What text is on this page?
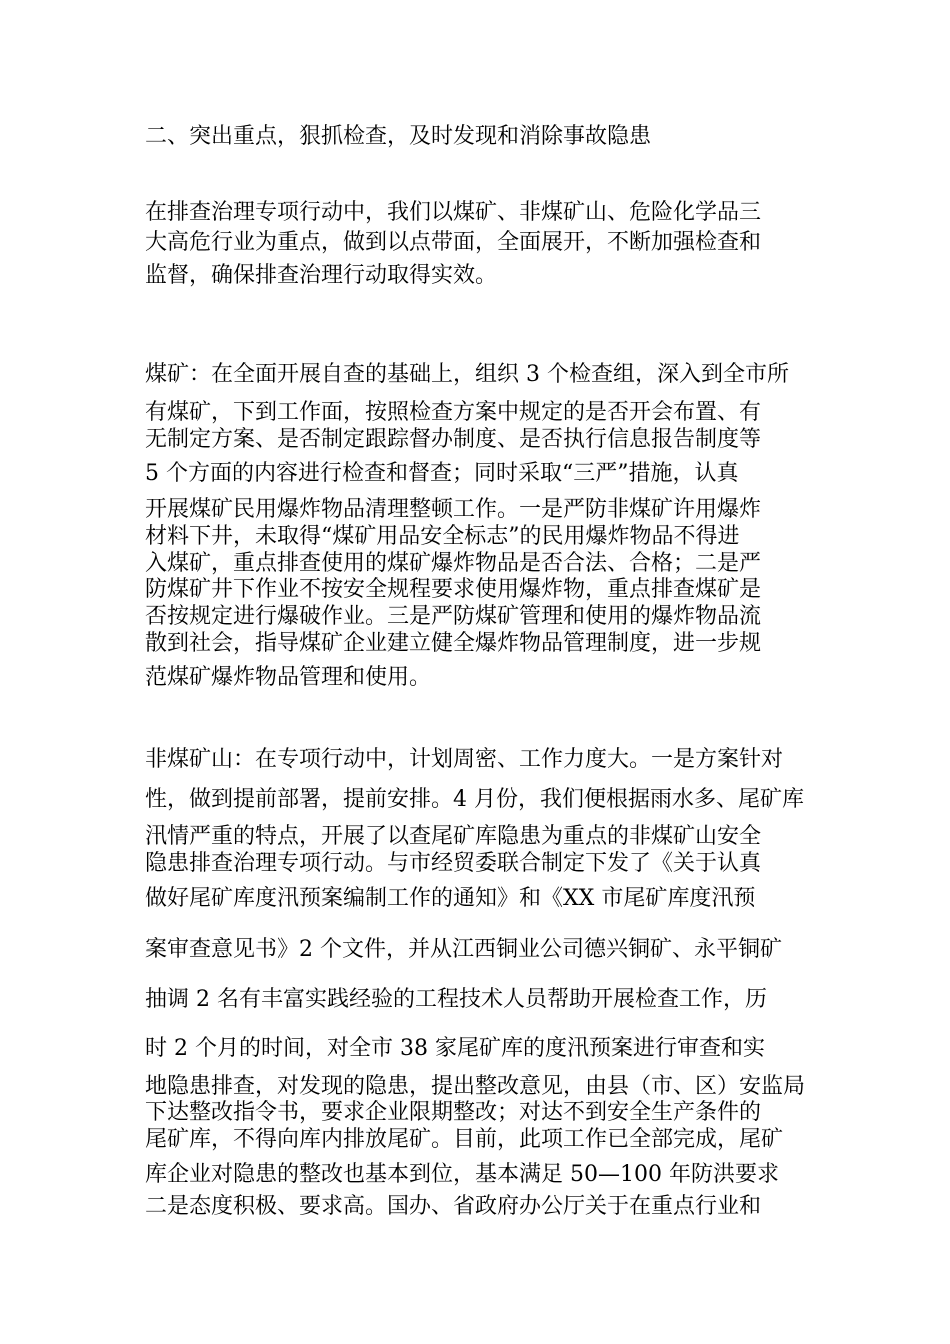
二、突出重点，狠抓检查，及时发现和消除事故隐患
在排查治理专项行动中，我们以煤矿、非煤矿山、危险化学品三
大高危行业为重点，做到以点带面，全面展开，不断加强检查和
监督，确保排查治理行动取得实效。
煤矿：在全面开展自查的基础上，组织 3 个检查组，深入到全市所
有煤矿，下到工作面，按照检查方案中规定的是否开会布置、有
无制定方案、是否制定跟踪督办制度、是否执行信息报告制度等
5 个方面的内容进行检查和督查；同时采取“三严”措施，认真
开展煤矿民用爆炸物品清理整顿工作。一是严防非煤矿许用爆炸
材料下井，未取得“煤矿用品安全标志”的民用爆炸物品不得进
入煤矿，重点排查使用的煤矿爆炸物品是否合法、合格；二是严
防煤矿井下作业不按安全规程要求使用爆炸物，重点排查煤矿是
否按规定进行爆破作业。三是严防煤矿管理和使用的爆炸物品流
散到社会，指导煤矿企业建立健全爆炸物品管理制度，进一步规
范煤矿爆炸物品管理和使用。
非煤矿山：在专项行动中，计划周密、工作力度大。一是方案针对
性，做到提前部署，提前安排。4 月份，我们便根据雨水多、尾矿库
汛情严重的特点，开展了以查尾矿库隐患为重点的非煤矿山安全
隐患排查治理专项行动。与市经贸委联合制定下发了《关于认真
做好尾矿库度汛预案编制工作的通知》和《XX 市尾矿库度汛预
案审查意见书》2 个文件，并从江西铜业公司德兴铜矿、永平铜矿
抽调 2 名有丰富实践经验的工程技术人员帮助开展检查工作，历
时 2 个月的时间，对全市 38 家尾矿库的度汛预案进行审查和实
地隐患排查，对发现的隐患，提出整改意见，由县（市、区）安监局
下达整改指令书，要求企业限期整改；对达不到安全生产条件的
尾矿库，不得向库内排放尾矿。目前，此项工作已全部完成，尾矿
库企业对隐患的整改也基本到位，基本满足 50—100 年防洪要求
二是态度积极、要求高。国办、省政府办公厅关于在重点行业和
